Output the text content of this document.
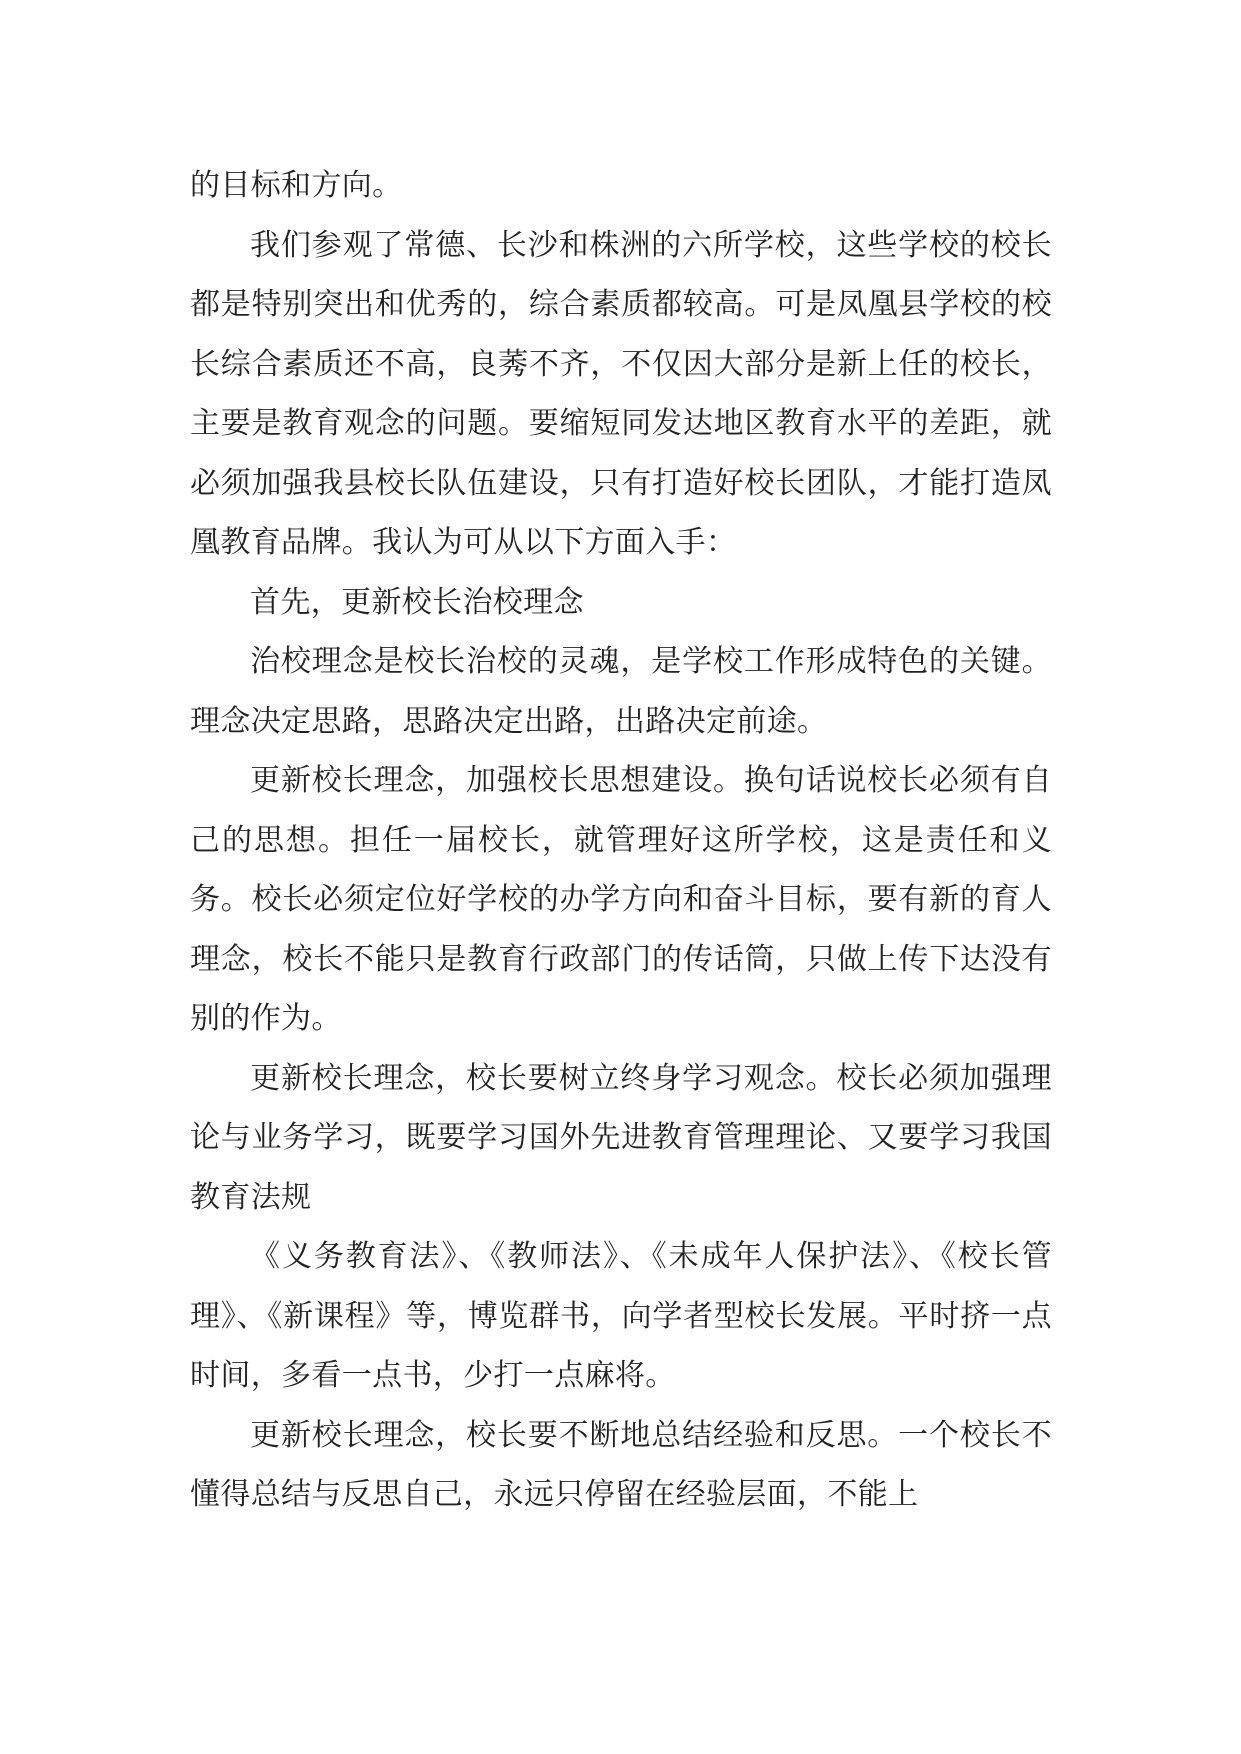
的目标和方向。

我们参观了常德、长沙和株洲的六所学校，这些学校的校长都是特别突出和优秀的，综合素质都较高。可是凤凰县学校的校长综合素质还不高，良莠不齐，不仅因大部分是新上任的校长，主要是教育观念的问题。要缩短同发达地区教育水平的差距，就必须加强我县校长队伍建设，只有打造好校长团队，才能打造凤凰教育品牌。我认为可从以下方面入手：

首先，更新校长治校理念

治校理念是校长治校的灵魂，是学校工作形成特色的关键。理念决定思路，思路决定出路，出路决定前途。

更新校长理念，加强校长思想建设。换句话说校长必须有自己的思想。担任一届校长，就管理好这所学校，这是责任和义务。校长必须定位好学校的办学方向和奋斗目标，要有新的育人理念，校长不能只是教育行政部门的传话筒，只做上传下达没有别的作为。

更新校长理念，校长要树立终身学习观念。校长必须加强理论与业务学习，既要学习国外先进教育管理理论、又要学习我国教育法规

《义务教育法》、《教师法》、《未成年人保护法》、《校长管理》、《新课程》等，博览群书，向学者型校长发展。平时挤一点时间，多看一点书，少打一点麻将。

更新校长理念，校长要不断地总结经验和反思。一个校长不懂得总结与反思自己，永远只停留在经验层面，不能上
